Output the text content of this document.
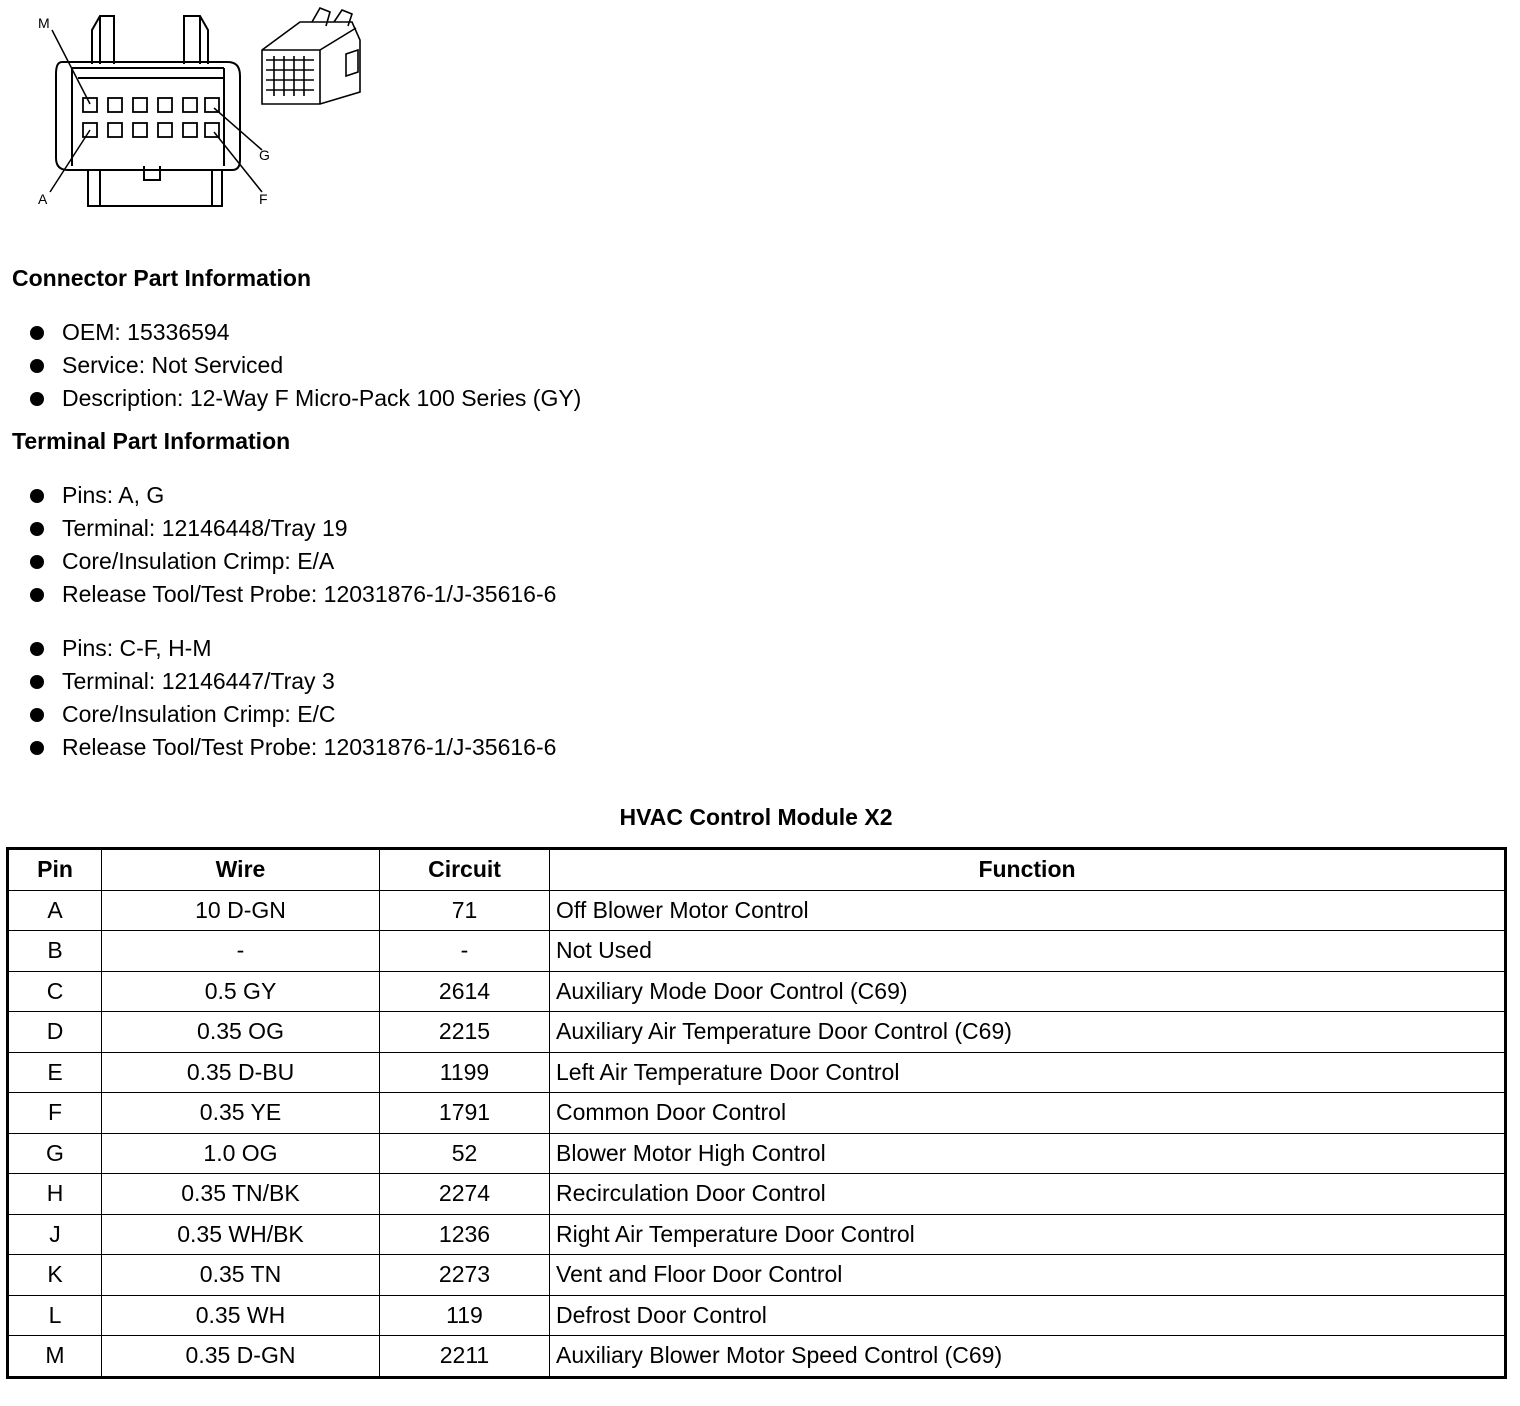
M
A
G
F
Connector Part Information
OEM: 15336594
Service: Not Serviced
Description: 12-Way F Micro-Pack 100 Series (GY)
Terminal Part Information
Pins: A, G
Terminal: 12146448/Tray 19
Core/Insulation Crimp: E/A
Release Tool/Test Probe: 12031876-1/J-35616-6
Pins: C-F, H-M
Terminal: 12146447/Tray 3
Core/Insulation Crimp: E/C
Release Tool/Test Probe: 12031876-1/J-35616-6
HVAC Control Module X2
Pin	Wire	Circuit	Function
A	10 D-GN	71	Off Blower Motor Control
B	-	-	Not Used
C	0.5 GY	2614	Auxiliary Mode Door Control (C69)
D	0.35 OG	2215	Auxiliary Air Temperature Door Control (C69)
E	0.35 D-BU	1199	Left Air Temperature Door Control
F	0.35 YE	1791	Common Door Control
G	1.0 OG	52	Blower Motor High Control
H	0.35 TN/BK	2274	Recirculation Door Control
J	0.35 WH/BK	1236	Right Air Temperature Door Control
K	0.35 TN	2273	Vent and Floor Door Control
L	0.35 WH	119	Defrost Door Control
M	0.35 D-GN	2211	Auxiliary Blower Motor Speed Control (C69)
